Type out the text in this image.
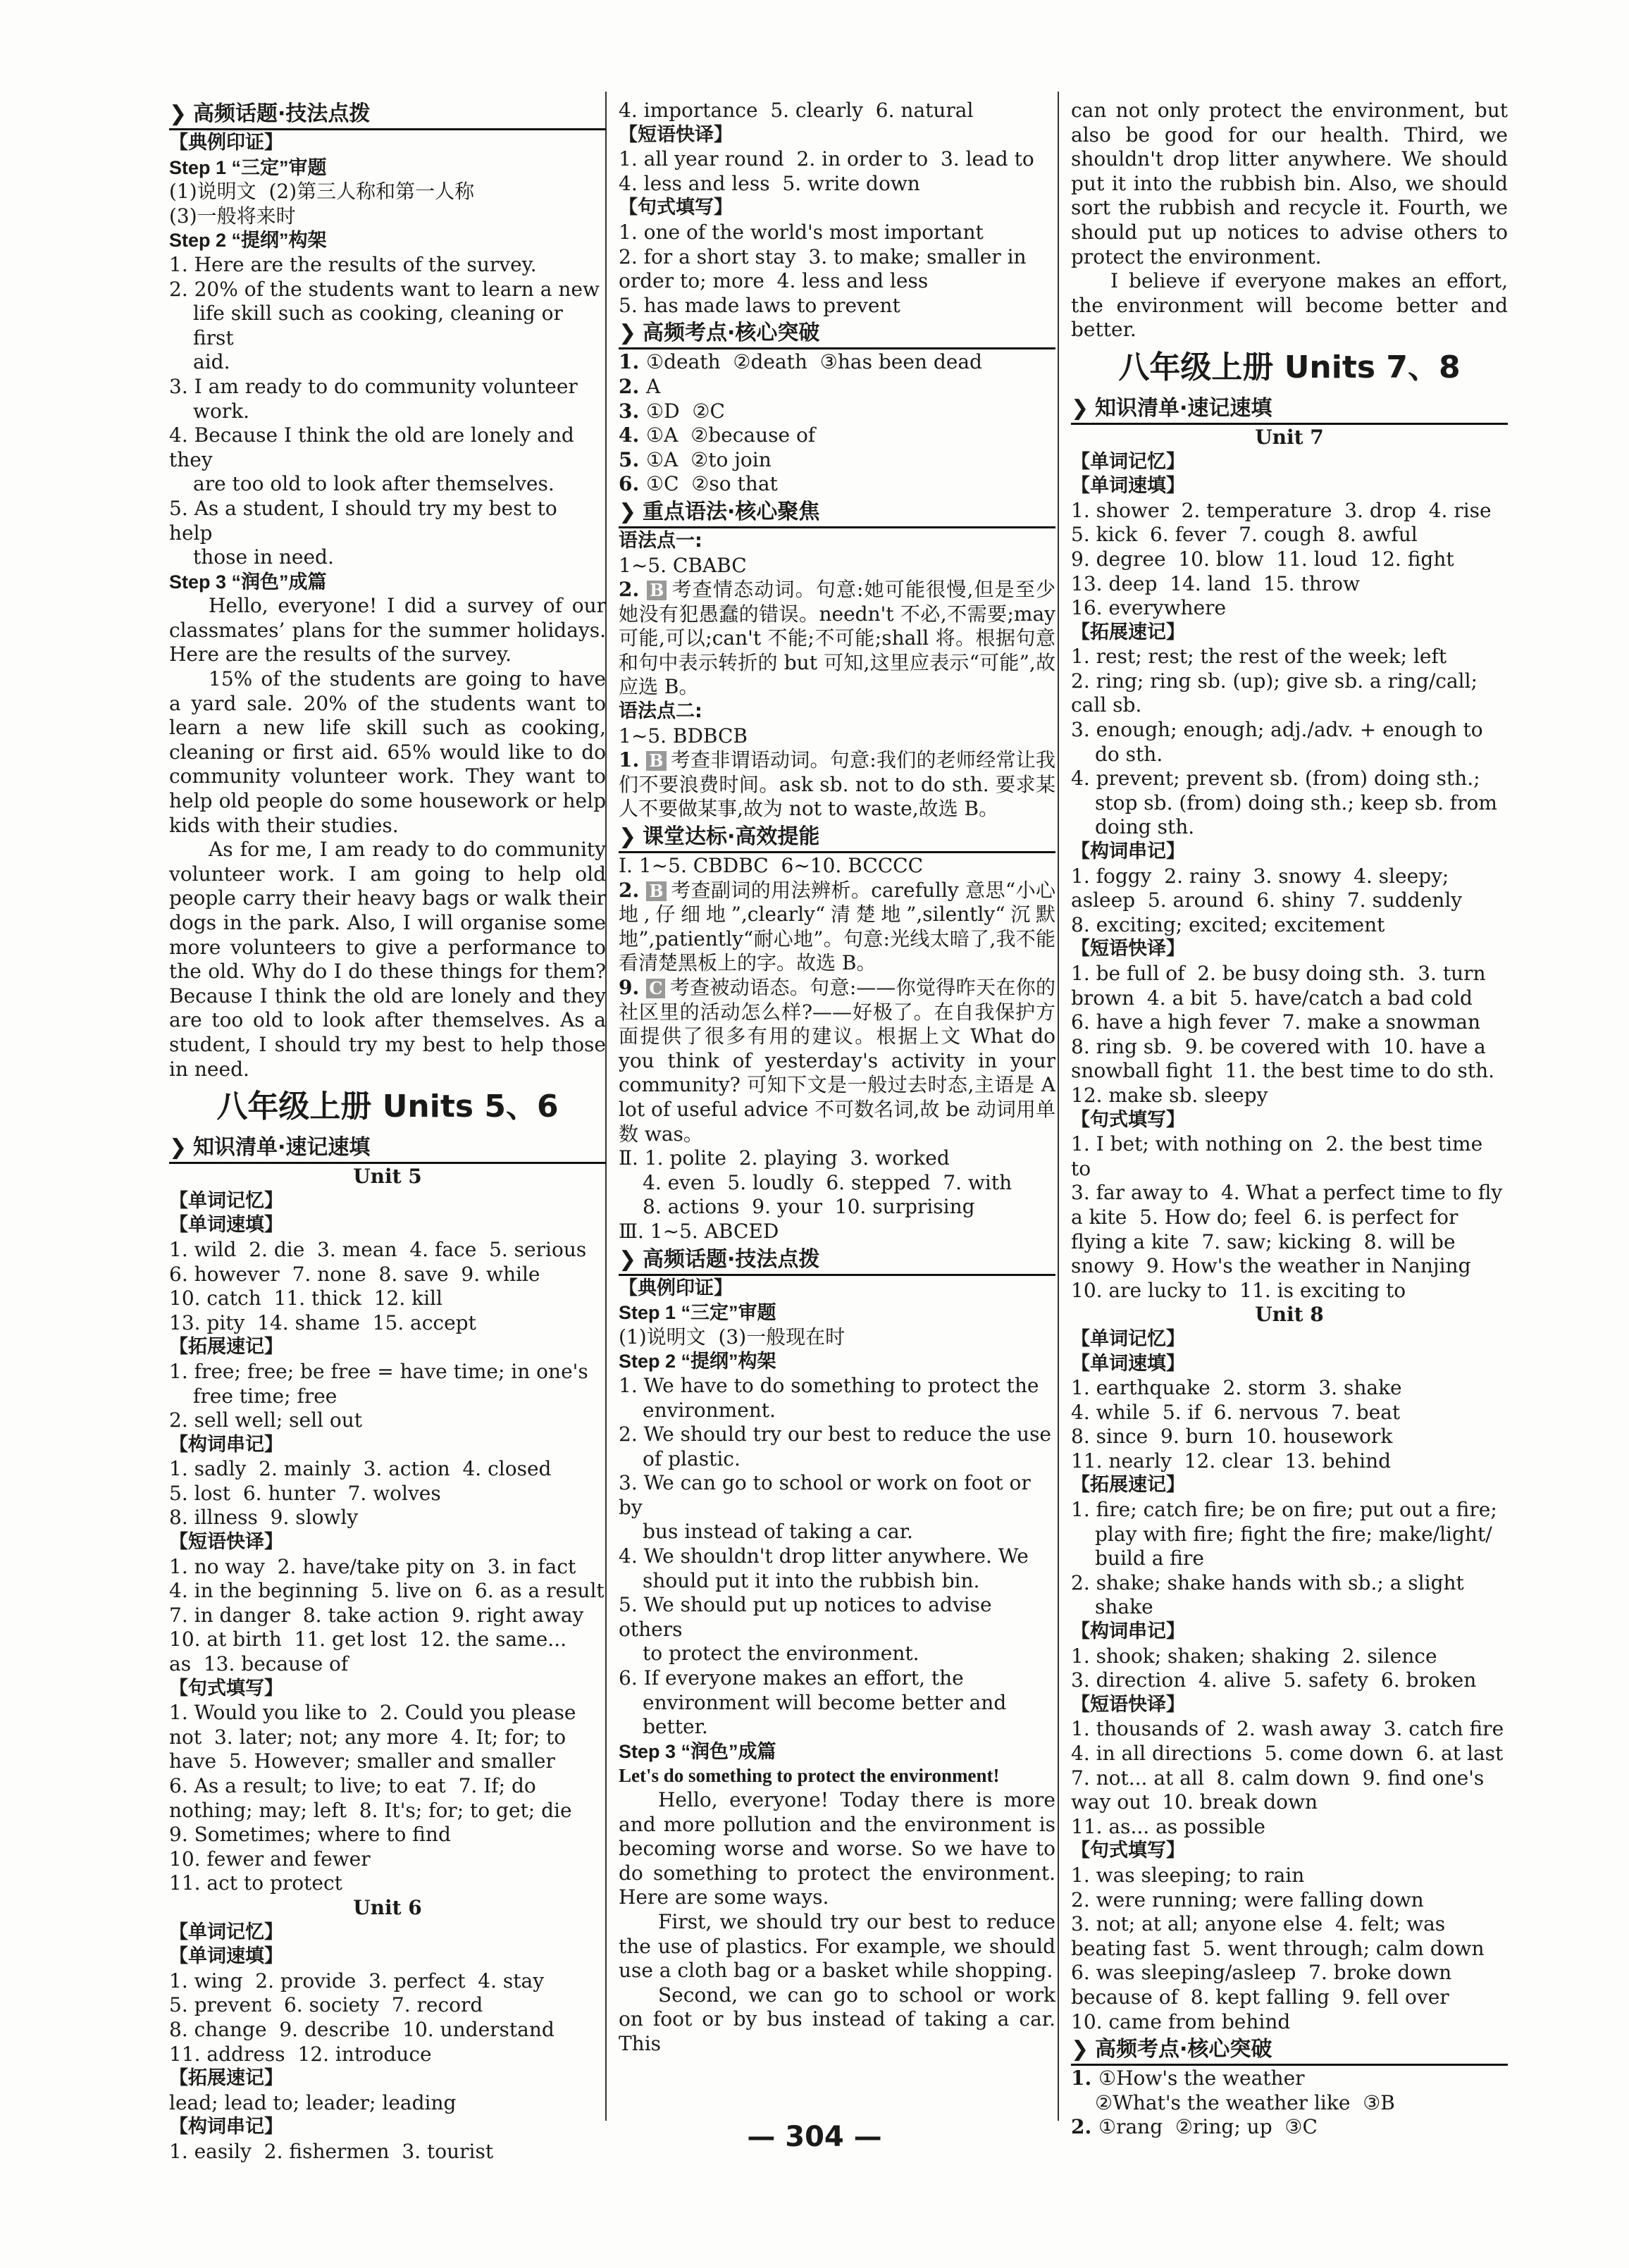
❯ 高频话题·技法点拨
【典例印证】
Step 1 “三定”审题

(1)说明文  (2)第三人称和第一人称

(3)一般将来时

Step 2 “提纲”构架

1. Here are the results of the survey.

2. 20% of the students want to learn a new

life skill such as cooking, cleaning or first

aid.

3. I am ready to do community volunteer

work.

4. Because I think the old are lonely and they

are too old to look after themselves.

5. As a student, I should try my best to help

those in need.

Step 3 “润色”成篇

Hello, everyone! I did a survey of our classmates’ plans for the summer holidays. Here are the results of the survey.

15% of the students are going to have a yard sale. 20% of the students want to learn a new life skill such as cooking, cleaning or first aid. 65% would like to do community volunteer work. They want to help old people do some housework or help kids with their studies.

As for me, I am ready to do community volunteer work. I am going to help old people carry their heavy bags or walk their dogs in the park. Also, I will organise some more volunteers to give a performance to the old. Why do I do these things for them? Because I think the old are lonely and they are too old to look after themselves. As a student, I should try my best to help those in need.

八年级上册 Units 5、6
❯ 知识清单·速记速填
Unit 5
【单词记忆】
【单词速填】

1. wild  2. die  3. mean  4. face  5. serious

6. however  7. none  8. save  9. while

10. catch  11. thick  12. kill

13. pity  14. shame  15. accept

【拓展速记】

1. free; free; be free = have time; in one's

free time; free

2. sell well; sell out

【构词串记】

1. sadly  2. mainly  3. action  4. closed

5. lost  6. hunter  7. wolves

8. illness  9. slowly

【短语快译】

1. no way  2. have/take pity on  3. in fact

4. in the beginning  5. live on  6. as a result

7. in danger  8. take action  9. right away

10. at birth  11. get lost  12. the same...

as  13. because of

【句式填写】

1. Would you like to  2. Could you please

not  3. later; not; any more  4. It; for; to

have  5. However; smaller and smaller

6. As a result; to live; to eat  7. If; do

nothing; may; left  8. It's; for; to get; die

9. Sometimes; where to find

10. fewer and fewer

11. act to protect

Unit 6
【单词记忆】
【单词速填】

1. wing  2. provide  3. perfect  4. stay

5. prevent  6. society  7. record

8. change  9. describe  10. understand

11. address  12. introduce

【拓展速记】

lead; lead to; leader; leading

【构词串记】

1. easily  2. fishermen  3. tourist

4. importance  5. clearly  6. natural

【短语快译】

1. all year round  2. in order to  3. lead to

4. less and less  5. write down

【句式填写】

1. one of the world's most important

2. for a short stay  3. to make; smaller in

order to; more  4. less and less

5. has made laws to prevent

❯ 高频考点·核心突破

1. ①death  ②death  ③has been dead

2. A

3. ①D  ②C

4. ①A  ②because of

5. ①A  ②to join

6. ①C  ②so that

❯ 重点语法·核心聚焦
语法点一:

1~5. CBABC

2. B 考查情态动词。句意:她可能很慢,但是至少她没有犯愚蠢的错误。needn't 不必,不需要;may 可能,可以;can't 不能;不可能;shall 将。根据句意和句中表示转折的 but 可知,这里应表示“可能”,故应选 B。

语法点二:

1~5. BDBCB

1. B 考查非谓语动词。句意:我们的老师经常让我们不要浪费时间。ask sb. not to do sth. 要求某人不要做某事,故为 not to waste,故选 B。

❯ 课堂达标·高效提能

Ⅰ. 1~5. CBDBC  6~10. BCCCC

2. B 考查副词的用法辨析。carefully 意思“小心地,仔细地”,clearly“清楚地”,silently“沉默地”,patiently“耐心地”。句意:光线太暗了,我不能看清楚黑板上的字。故选 B。

9. C 考查被动语态。句意:——你觉得昨天在你的社区里的活动怎么样?——好极了。在自我保护方面提供了很多有用的建议。根据上文 What do you think of yesterday's activity in your community? 可知下文是一般过去时态,主语是 A lot of useful advice 不可数名词,故 be 动词用单数 was。

Ⅱ. 1. polite  2. playing  3. worked

4. even  5. loudly  6. stepped  7. with

8. actions  9. your  10. surprising

Ⅲ. 1~5. ABCED

❯ 高频话题·技法点拨
【典例印证】
Step 1 “三定”审题

(1)说明文  (3)一般现在时

Step 2 “提纲”构架

1. We have to do something to protect the

environment.

2. We should try our best to reduce the use

of plastic.

3. We can go to school or work on foot or by

bus instead of taking a car.

4. We shouldn't drop litter anywhere. We

should put it into the rubbish bin.

5. We should put up notices to advise others

to protect the environment.

6. If everyone makes an effort, the

environment will become better and

better.

Step 3 “润色”成篇
Let's do something to protect the environment!

Hello, everyone! Today there is more and more pollution and the environment is becoming worse and worse. So we have to do something to protect the environment. Here are some ways.

First, we should try our best to reduce the use of plastics. For example, we should use a cloth bag or a basket while shopping.

Second, we can go to school or work on foot or by bus instead of taking a car. This

can not only protect the environment, but also be good for our health. Third, we shouldn't drop litter anywhere. We should put it into the rubbish bin. Also, we should sort the rubbish and recycle it. Fourth, we should put up notices to advise others to protect the environment.

I believe if everyone makes an effort, the environment will become better and better.

八年级上册 Units 7、8
❯ 知识清单·速记速填
Unit 7
【单词记忆】
【单词速填】

1. shower  2. temperature  3. drop  4. rise

5. kick  6. fever  7. cough  8. awful

9. degree  10. blow  11. loud  12. fight

13. deep  14. land  15. throw

16. everywhere

【拓展速记】

1. rest; rest; the rest of the week; left

2. ring; ring sb. (up); give sb. a ring/call; call sb.

3. enough; enough; adj./adv. + enough to

do sth.

4. prevent; prevent sb. (from) doing sth.;

stop sb. (from) doing sth.; keep sb. from

doing sth.

【构词串记】

1. foggy  2. rainy  3. snowy  4. sleepy;

asleep  5. around  6. shiny  7. suddenly

8. exciting; excited; excitement

【短语快译】

1. be full of  2. be busy doing sth.  3. turn

brown  4. a bit  5. have/catch a bad cold

6. have a high fever  7. make a snowman

8. ring sb.  9. be covered with  10. have a

snowball fight  11. the best time to do sth.

12. make sb. sleepy

【句式填写】

1. I bet; with nothing on  2. the best time to

3. far away to  4. What a perfect time to fly

a kite  5. How do; feel  6. is perfect for

flying a kite  7. saw; kicking  8. will be

snowy  9. How's the weather in Nanjing

10. are lucky to  11. is exciting to

Unit 8
【单词记忆】
【单词速填】

1. earthquake  2. storm  3. shake

4. while  5. if  6. nervous  7. beat

8. since  9. burn  10. housework

11. nearly  12. clear  13. behind

【拓展速记】

1. fire; catch fire; be on fire; put out a fire;

play with fire; fight the fire; make/light/

build a fire

2. shake; shake hands with sb.; a slight

shake

【构词串记】

1. shook; shaken; shaking  2. silence

3. direction  4. alive  5. safety  6. broken

【短语快译】

1. thousands of  2. wash away  3. catch fire

4. in all directions  5. come down  6. at last

7. not... at all  8. calm down  9. find one's

way out  10. break down

11. as... as possible

【句式填写】

1. was sleeping; to rain

2. were running; were falling down

3. not; at all; anyone else  4. felt; was

beating fast  5. went through; calm down

6. was sleeping/asleep  7. broke down

because of  8. kept falling  9. fell over

10. came from behind

❯ 高频考点·核心突破

1. ①How's the weather

②What's the weather like  ③B

2. ①rang  ②ring; up  ③C

— 304 —
